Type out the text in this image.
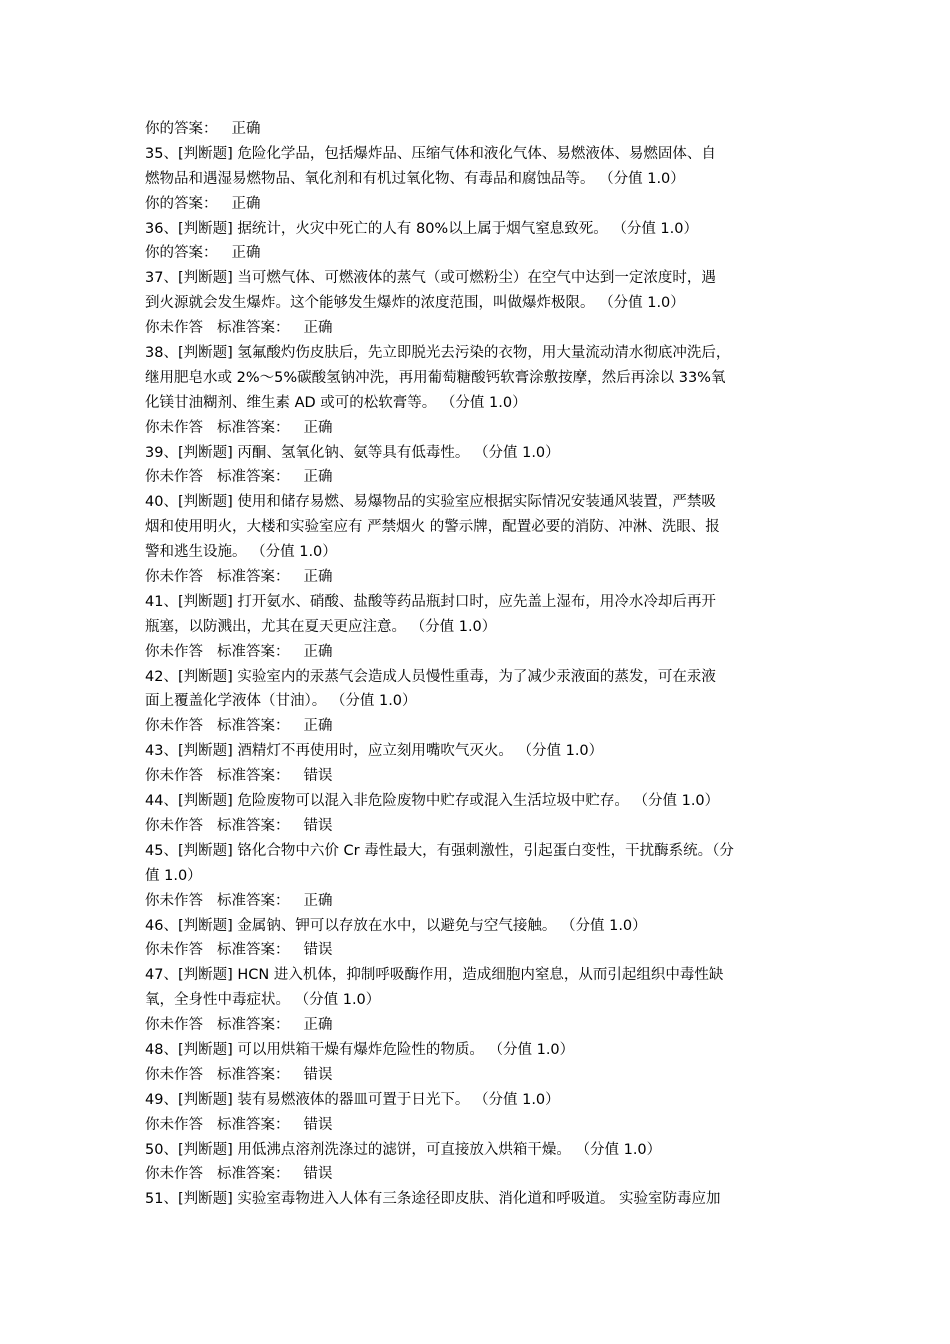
你的答案： 正确
35、[判断题] 危险化学品，包括爆炸品、压缩气体和液化气体、易燃液体、易燃固体、自
燃物品和遇湿易燃物品、氧化剂和有机过氧化物、有毒品和腐蚀品等。 （分值 1.0）
你的答案： 正确
36、[判断题] 据统计，火灾中死亡的人有 80%以上属于烟气窒息致死。 （分值 1.0）
你的答案： 正确
37、[判断题] 当可燃气体、可燃液体的蒸气（或可燃粉尘）在空气中达到一定浓度时，遇
到火源就会发生爆炸。这个能够发生爆炸的浓度范围，叫做爆炸极限。 （分值 1.0）
你未作答 标准答案： 正确
38、[判断题] 氢氟酸灼伤皮肤后，先立即脱光去污染的衣物，用大量流动清水彻底冲洗后，
继用肥皂水或 2%～5%碳酸氢钠冲洗，再用葡萄糖酸钙软膏涂敷按摩，然后再涂以 33%氧
化镁甘油糊剂、维生素 AD 或可的松软膏等。 （分值 1.0）
你未作答 标准答案： 正确
39、[判断题] 丙酮、氢氧化钠、氨等具有低毒性。 （分值 1.0）
你未作答 标准答案： 正确
40、[判断题] 使用和储存易燃、易爆物品的实验室应根据实际情况安装通风装置，严禁吸
烟和使用明火，大楼和实验室应有 严禁烟火 的警示牌，配置必要的消防、冲淋、洗眼、报
警和逃生设施。 （分值 1.0）
你未作答 标准答案： 正确
41、[判断题] 打开氨水、硝酸、盐酸等药品瓶封口时，应先盖上湿布，用冷水冷却后再开
瓶塞，以防溅出，尤其在夏天更应注意。 （分值 1.0）
你未作答 标准答案： 正确
42、[判断题] 实验室内的汞蒸气会造成人员慢性重毒，为了减少汞液面的蒸发，可在汞液
面上覆盖化学液体（甘油）。 （分值 1.0）
你未作答 标准答案： 正确
43、[判断题] 酒精灯不再使用时，应立刻用嘴吹气灭火。 （分值 1.0）
你未作答 标准答案： 错误
44、[判断题] 危险废物可以混入非危险废物中贮存或混入生活垃圾中贮存。 （分值 1.0）
你未作答 标准答案： 错误
45、[判断题] 铬化合物中六价 Cr 毒性最大，有强刺激性，引起蛋白变性，干扰酶系统。（分
值 1.0）
你未作答 标准答案： 正确
46、[判断题] 金属钠、钾可以存放在水中，以避免与空气接触。 （分值 1.0）
你未作答 标准答案： 错误
47、[判断题] HCN 进入机体，抑制呼吸酶作用，造成细胞内窒息，从而引起组织中毒性缺
氧，全身性中毒症状。 （分值 1.0）
你未作答 标准答案： 正确
48、[判断题] 可以用烘箱干燥有爆炸危险性的物质。 （分值 1.0）
你未作答 标准答案： 错误
49、[判断题] 装有易燃液体的器皿可置于日光下。 （分值 1.0）
你未作答 标准答案： 错误
50、[判断题] 用低沸点溶剂洗涤过的滤饼，可直接放入烘箱干燥。 （分值 1.0）
你未作答 标准答案： 错误
51、[判断题] 实验室毒物进入人体有三条途径即皮肤、消化道和呼吸道。 实验室防毒应加
